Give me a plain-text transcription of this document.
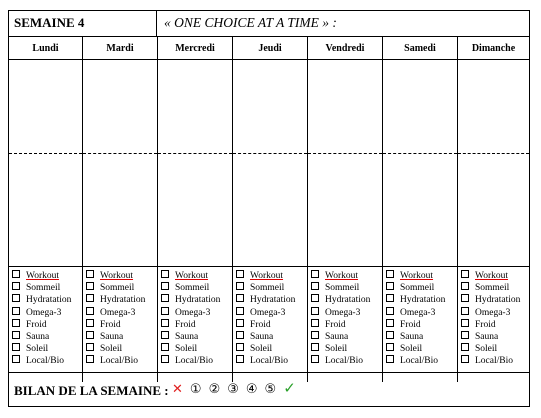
SEMAINE 4	« ONE CHOICE AT A TIME » :
Lundi
Workout
Sommeil
Hydratation
Omega-3
Froid
Sauna
Soleil
Local/Bio
Mardi
Workout
Sommeil
Hydratation
Omega-3
Froid
Sauna
Soleil
Local/Bio
Mercredi
Workout
Sommeil
Hydratation
Omega-3
Froid
Sauna
Soleil
Local/Bio
Jeudi
Workout
Sommeil
Hydratation
Omega-3
Froid
Sauna
Soleil
Local/Bio
Vendredi
Workout
Sommeil
Hydratation
Omega-3
Froid
Sauna
Soleil
Local/Bio
Samedi
Workout
Sommeil
Hydratation
Omega-3
Froid
Sauna
Soleil
Local/Bio
Dimanche
Workout
Sommeil
Hydratation
Omega-3
Froid
Sauna
Soleil
Local/Bio
BILAN DE LA SEMAINE : ✕ ① ② ③ ④ ⑤ ✓
